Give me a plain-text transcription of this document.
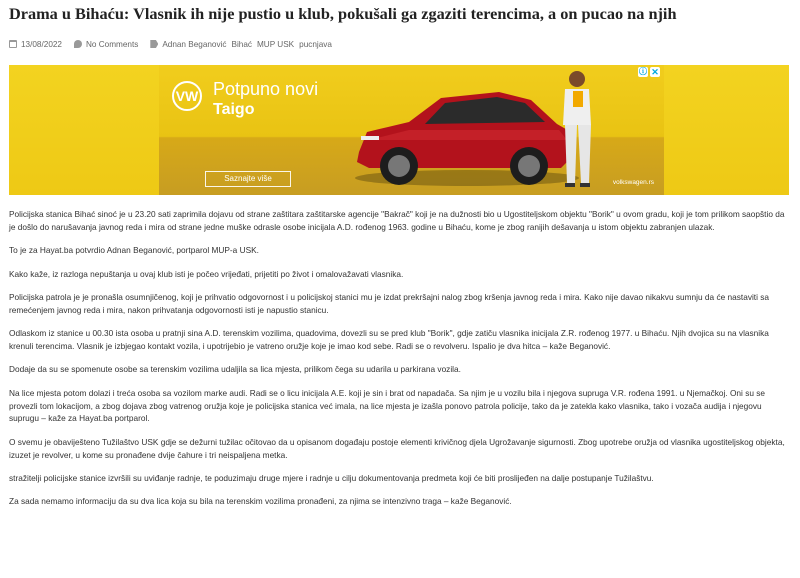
Drama u Bihaću: Vlasnik ih nije pustio u klub, pokušali ga zgaziti terencima, a on pucao na njih
13/08/2022	No Comments	Adnan Beganović Bihać MUP USK pucnjava
VW Potpuno novi
Taigo
Saznajte više	volkswagen.rs
ⓘ ✕

Policijska stanica Bihać sinoć je u 23.20 sati zaprimila dojavu od strane zaštitara zaštitarske agencije "Bakrač" koji je na dužnosti bio u Ugostiteljskom objektu "Borik" u ovom gradu, koji je tom prilikom saopštio da je došlo do narušavanja javnog reda i mira od strane jedne muške odrasle osobe inicijala A.D. rođenog 1963. godine u Bihaću, kome je zbog ranijih dešavanja u istom objektu zabranjen ulazak.

To je za Hayat.ba potvrdio Adnan Beganović, portparol MUP-a USK.

Kako kaže, iz razloga nepuštanja u ovaj klub isti je počeo vrijeđati, prijetiti po život i omalovažavati vlasnika.

Policijska patrola je je pronašla osumnjičenog, koji je prihvatio odgovornost i u policijskoj stanici mu je izdat prekršajni nalog zbog kršenja javnog reda i mira. Kako nije davao nikakvu sumnju da će nastaviti sa remećenjem javnog reda i mira, nakon prihvatanja odgovornosti isti je napustio stanicu.

Odlaskom iz stanice u 00.30 ista osoba u pratnji sina A.D. terenskim vozilima, quadovima, dovezli su se pred klub "Borik", gdje zatiču vlasnika inicijala Z.R. rođenog 1977. u Bihaću. Njih dvojica su na vlasnika krenuli terencima. Vlasnik je izbjegao kontakt vozila, i upotrijebio je vatreno oružje koje je imao kod sebe. Radi se o revolveru. Ispalio je dva hitca – kaže Beganović.

Dodaje da su se spomenute osobe sa terenskim vozilima udaljila sa lica mjesta, prilikom čega su udarila u parkirana vozila.

Na lice mjesta potom dolazi i treća osoba sa vozilom marke audi. Radi se o licu inicijala A.E. koji je sin i brat od napadača. Sa njim je u vozilu bila i njegova supruga V.R. rođena 1991. u Njemačkoj. Oni su se provezli tom lokacijom, a zbog dojava zbog vatrenog oružja koje je policijska stanica već imala, na lice mjesta je izašla ponovo patrola policije, tako da je zatekla kako vlasnika, tako i vozača audija i njegovu suprugu – kaže za Hayat.ba portparol.

O svemu je obaviješteno Tužilaštvo USK gdje se dežurni tužilac očitovao da u opisanom događaju postoje elementi krivičnog djela Ugrožavanje sigurnosti. Zbog upotrebe oružja od vlasnika ugostiteljskog objekta, izuzet je revolver, u kome su pronađene dvije čahure i tri neispaljena metka.

stražitelji policijske stanice izvršili su uviđanje radnje, te poduzimaju druge mjere i radnje u cilju dokumentovanja predmeta koji će biti proslijeđen na dalje postupanje Tužilaštvu.

Za sada nemamo informaciju da su dva lica koja su bila na terenskim vozilima pronađeni, za njima se intenzivno traga – kaže Beganović.
